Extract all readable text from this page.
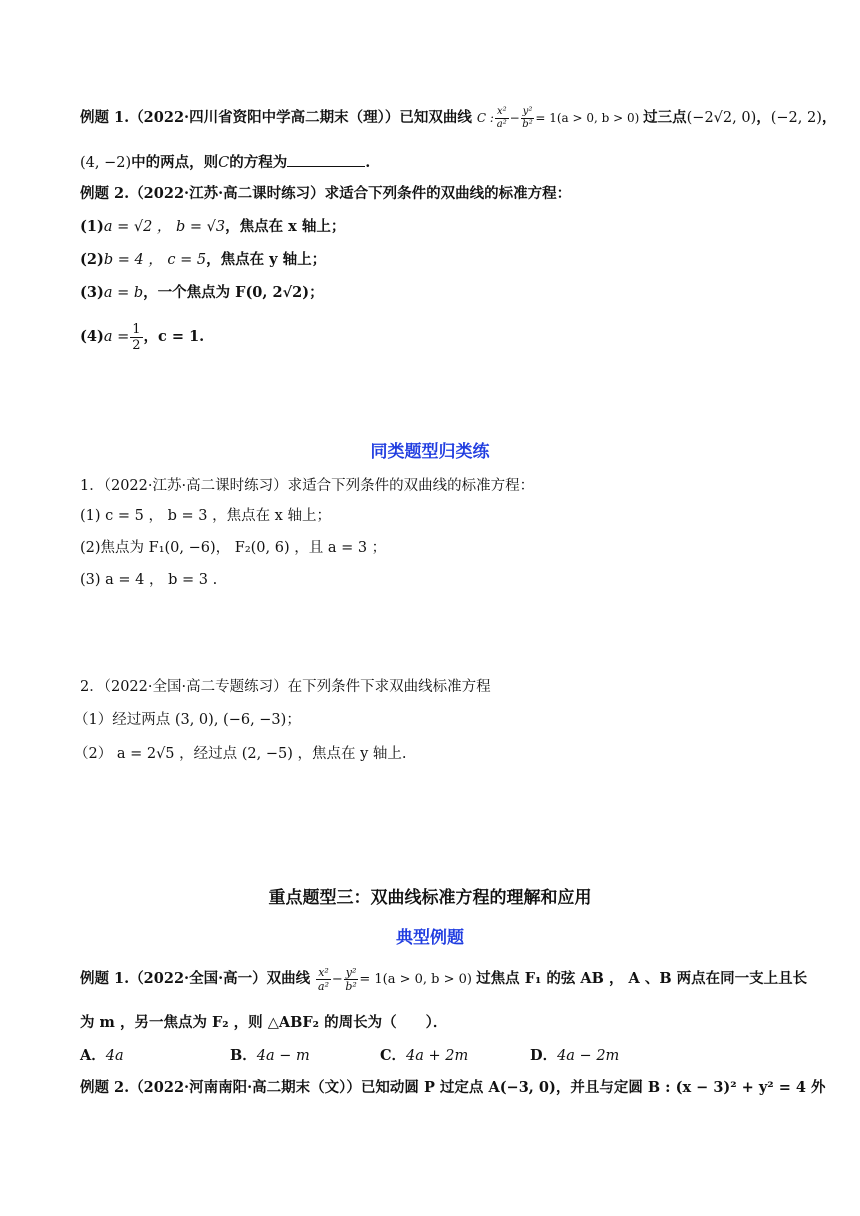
例题 1.（2022·四川省资阳中学高二期末（理））已知双曲线 C : $\frac{\text{x²}}{\text{a²}} - \frac{\text{y²}}{\text{b²}} = 1(a > 0$, b > 0) 过三点(−2√2, 0)，(−2, 2)，
(4, −2)中的两点，则C的方程为	.
例题 2.（2022·江苏·高二课时练习）求适合下列条件的双曲线的标准方程：
(1)a = √2 ， b = √3，焦点在 x 轴上；
(2)b = 4 ， c = 5，焦点在 y 轴上；
(3)a = b，一个焦点为 F(0, 2√2)；
$(4)a = \frac{1}{2}$ ，c = 1.
同类题型归类练
1．（2022·江苏·高二课时练习）求适合下列条件的双曲线的标准方程：
(1) c = 5 ， b = 3 ，焦点在 x 轴上；
(2)焦点为 F₁(0, −6)， F₂(0, 6) ，且 a = 3 ；
(3) a = 4 ， b = 3 .
2．（2022·全国·高二专题练习）在下列条件下求双曲线标准方程
（1）经过两点 (3, 0), (−6, −3)；
（2） a = 2√5 ，经过点 (2, −5) ，焦点在 y 轴上.
重点题型三：双曲线标准方程的理解和应用
典型例题
例题 1.（2022·全国·高一）双曲线 $\frac{\text{x²}}{\text{a²}} - \frac{\text{y²}}{\text{b²}} = 1(a > 0$, b > 0) 过焦点 F₁ 的弦 AB ， A 、B 两点在同一支上且长
为 m ，另一焦点为 F₂ ，则 △ABF₂ 的周长为（　　）．
A．4a	B．4a − m	C．4a + 2m	D．4a − 2m
例题 2.（2022·河南南阳·高二期末（文））已知动圆 P 过定点 A(−3, 0)，并且与定圆 B : (x − 3)² + y² = 4 外
